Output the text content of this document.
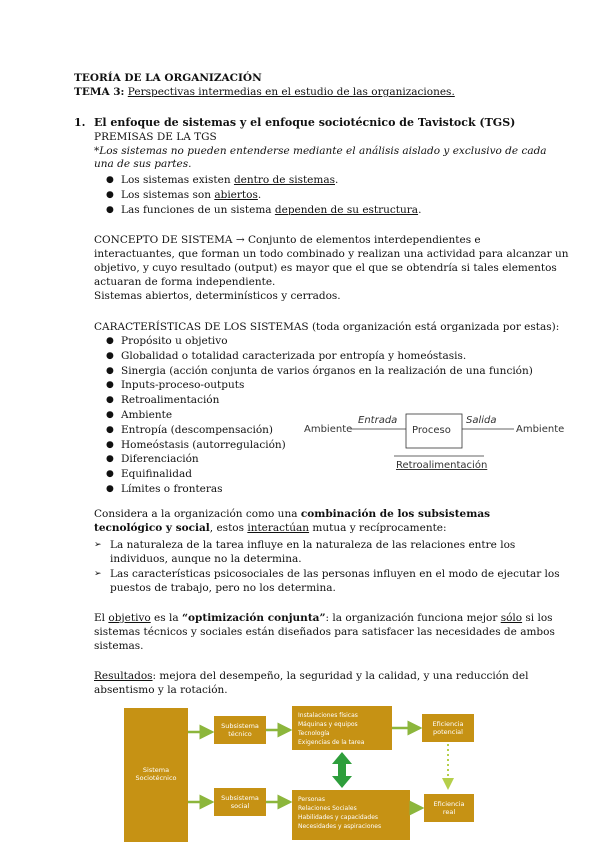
TEORÍA DE LA ORGANIZACIÓN
TEMA 3: Perspectivas intermedias en el estudio de las organizaciones.
1. El enfoque de sistemas y el enfoque sociotécnico de Tavistock (TGS)
PREMISAS DE LA TGS
*Los sistemas no pueden entenderse mediante el análisis aislado y exclusivo de cada
una de sus partes.
● Los sistemas existen dentro de sistemas.
● Los sistemas son abiertos.
● Las funciones de un sistema dependen de su estructura.
CONCEPTO DE SISTEMA → Conjunto de elementos interdependientes e
interactuantes, que forman un todo combinado y realizan una actividad para alcanzar un
objetivo, y cuyo resultado (output) es mayor que el que se obtendría si tales elementos
actuaran de forma independiente.
Sistemas abiertos, determinísticos y cerrados.
CARACTERÍSTICAS DE LOS SISTEMAS (toda organización está organizada por estas):
● Propósito u objetivo
● Globalidad o totalidad caracterizada por entropía y homeóstasis.
● Sinergia (acción conjunta de varios órganos en la realización de una función)
● Inputs-proceso-outputs
● Retroalimentación
● Ambiente
● Entropía (descompensación)
● Homeóstasis (autorregulación)
● Diferenciación
● Equifinalidad
● Límites o fronteras
Ambiente
Entrada
Proceso
Salida
Ambiente
Retroalimentación
Considera a la organización como una combinación de los subsistemas
tecnológico y social, estos interactúan mutua y recíprocamente:
➢ La naturaleza de la tarea influye en la naturaleza de las relaciones entre los
individuos, aunque no la determina.
➢ Las características psicosociales de las personas influyen en el modo de ejecutar los
puestos de trabajo, pero no los determina.
El objetivo es la “optimización conjunta”: la organización funciona mejor sólo si los
sistemas técnicos y sociales están diseñados para satisfacer las necesidades de ambos
sistemas.
Resultados: mejora del desempeño, la seguridad y la calidad, y una reducción del
absentismo y la rotación.
Sistema
Sociotécnico
Subsistema
técnico
Subsistema
social
Instalaciones físicas
Máquinas y equipos
Tecnología
Exigencias de la tarea
Personas
Relaciones Sociales
Habilidades y capacidades
Necesidades y aspiraciones
Eficiencia
potencial
Eficiencia
real
